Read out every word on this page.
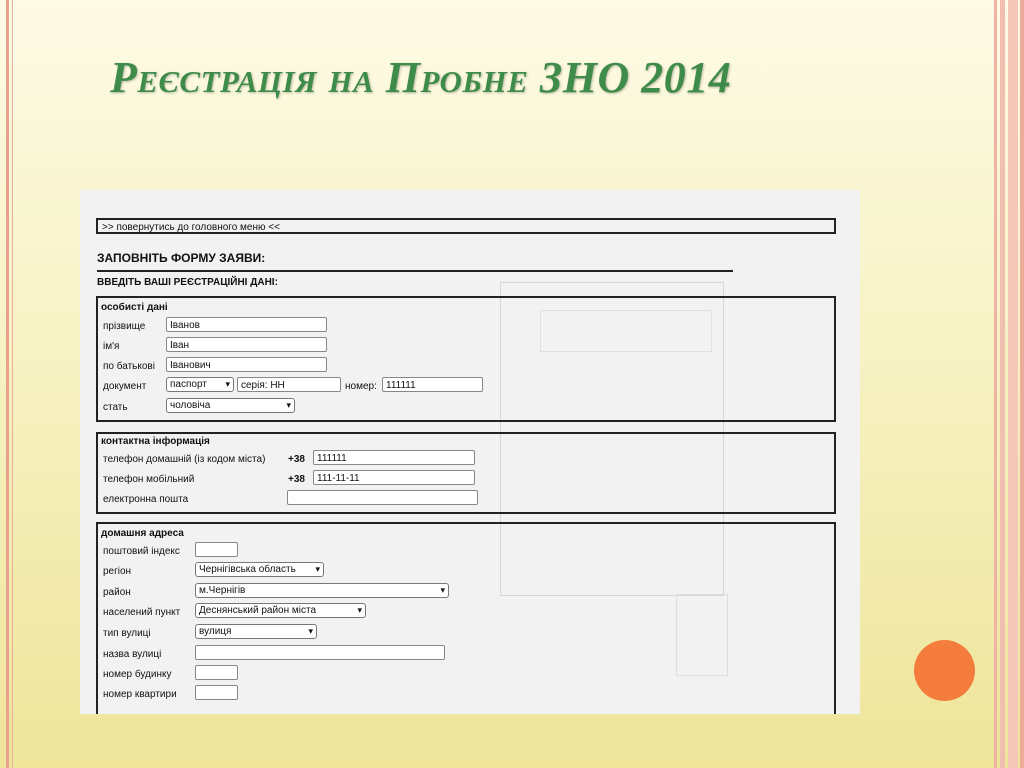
Реєстрація на Пробне ЗНО 2014
>> повернутись до головного меню <<
ЗАПОВНІТЬ ФОРМУ ЗАЯВИ:
ВВЕДІТЬ ВАШІ РЕЄСТРАЦІЙНІ ДАНІ:
особисті дані
прізвище	Іванов
ім'я	Іван
по батькові	Іванович
документ	паспорт ▾	серія: НН	номер: 111111
стать	чоловіча	▾
контактна інформація
телефон домашній (із кодом міста) +38	111111
телефон мобільний	+38	111-11-11
електронна пошта
домашня адреса
поштовий індекс
регіон	Чернігівська область ▾
район	м.Чернігів	▾
населений пункт	Деснянський район міста	▾
тип вулиці	вулиця	▾
назва вулиці
номер будинку
номер квартири
